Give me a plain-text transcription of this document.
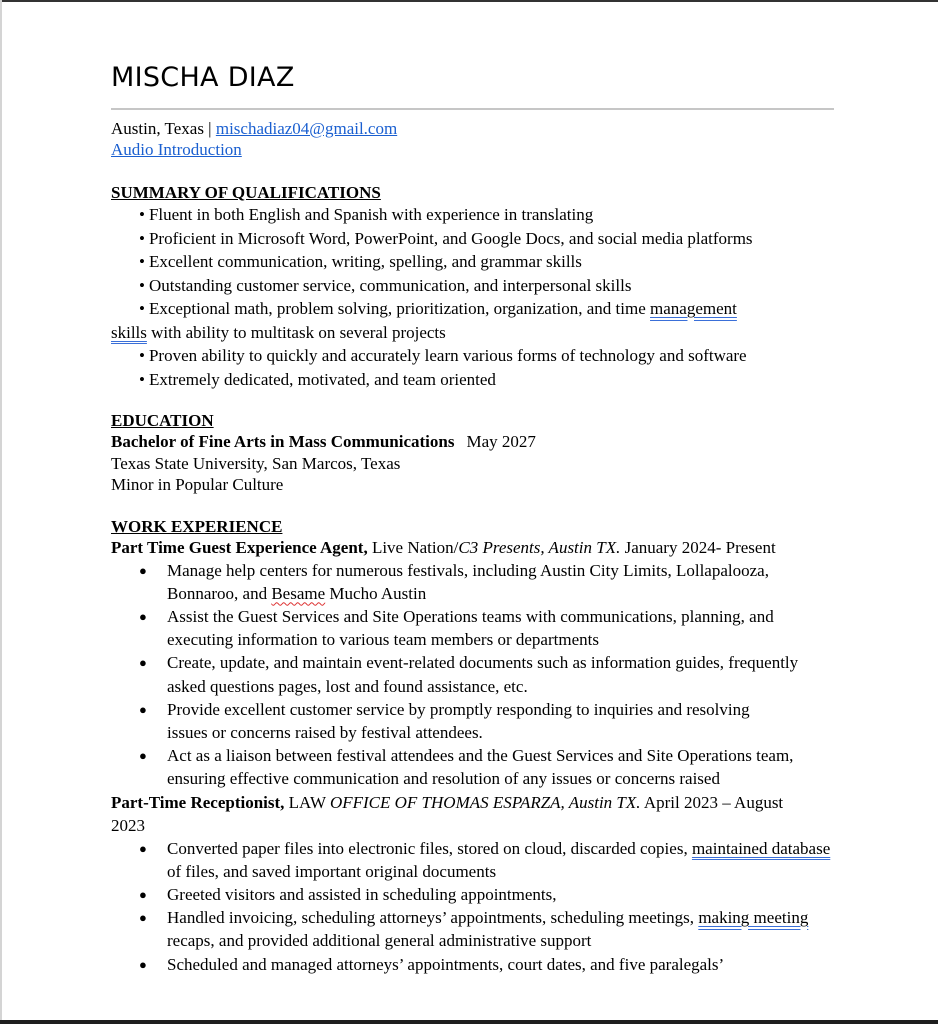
MISCHA DIAZ
Austin, Texas | mischadiaz04@gmail.com
Audio Introduction
SUMMARY OF QUALIFICATIONS
• Fluent in both English and Spanish with experience in translating
• Proficient in Microsoft Word, PowerPoint, and Google Docs, and social media platforms
• Excellent communication, writing, spelling, and grammar skills
• Outstanding customer service, communication, and interpersonal skills
• Exceptional math, problem solving, prioritization, organization, and time management
skills with ability to multitask on several projects
• Proven ability to quickly and accurately learn various forms of technology and software
• Extremely dedicated, motivated, and team oriented
EDUCATION
Bachelor of Fine Arts in Mass Communications May 2027
Texas State University, San Marcos, Texas
Minor in Popular Culture
WORK EXPERIENCE
Part Time Guest Experience Agent, Live Nation/C3 Presents, Austin TX. January 2024- Present
● Manage help centers for numerous festivals, including Austin City Limits, Lollapalooza, Bonnaroo, and Besame Mucho Austin
● Assist the Guest Services and Site Operations teams with communications, planning, and executing information to various team members or departments
● Create, update, and maintain event-related documents such as information guides, frequently asked questions pages, lost and found assistance, etc.
● Provide excellent customer service by promptly responding to inquiries and resolving issues or concerns raised by festival attendees.
● Act as a liaison between festival attendees and the Guest Services and Site Operations team, ensuring effective communication and resolution of any issues or concerns raised
Part-Time Receptionist, LAW OFFICE OF THOMAS ESPARZA, Austin TX. April 2023 – August 2023
● Converted paper files into electronic files, stored on cloud, discarded copies, maintained database of files, and saved important original documents
● Greeted visitors and assisted in scheduling appointments,
● Handled invoicing, scheduling attorneys’ appointments, scheduling meetings, making meeting recaps, and provided additional general administrative support
● Scheduled and managed attorneys’ appointments, court dates, and five paralegals’
